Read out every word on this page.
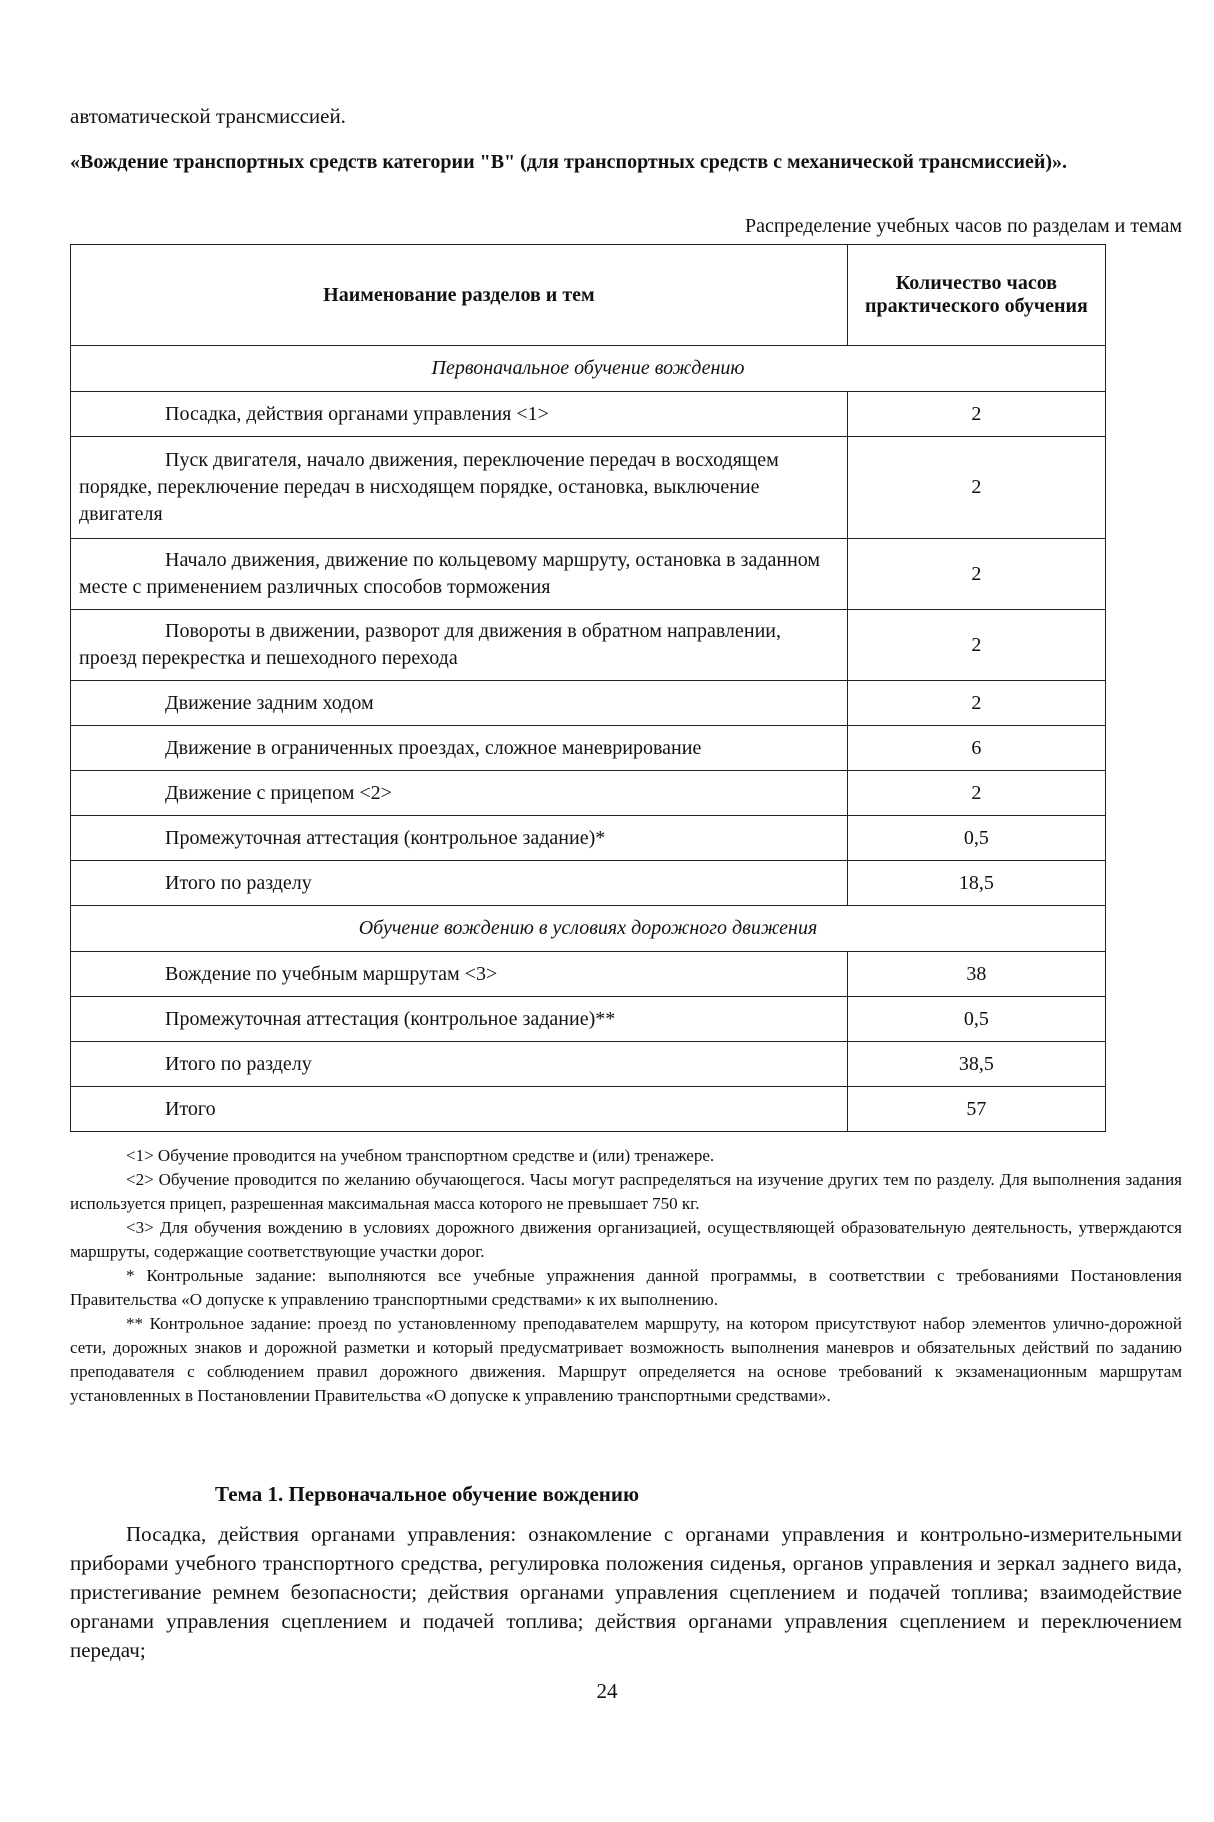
автоматической трансмиссией.
«Вождение транспортных средств категории "B" (для транспортных средств с механической трансмиссией)».
Распределение учебных часов по разделам и темам
Наименование разделов и тем	Количество часов практического обучения
Первоначальное обучение вождению	

Посадка, действия органами управления <1>	2

Пуск двигателя, начало движения, переключение передач в восходящем порядке, переключение передач в нисходящем порядке, остановка, выключение двигателя	2

Начало движения, движение по кольцевому маршруту, остановка в заданном месте с применением различных способов торможения	2

Повороты в движении, разворот для движения в обратном направлении, проезд перекрестка и пешеходного перехода	2

Движение задним ходом	2

Движение в ограниченных проездах, сложное маневрирование	6

Движение с прицепом <2>	2

Промежуточная аттестация (контрольное задание)*	0,5

Итого по разделу	18,5
Обучение вождению в условиях дорожного движения	

Вождение по учебным маршрутам <3>	38

Промежуточная аттестация (контрольное задание)**	0,5

Итого по разделу	38,5

Итого	57

<1> Обучение проводится на учебном транспортном средстве и (или) тренажере.

<2> Обучение проводится по желанию обучающегося. Часы могут распределяться на изучение других тем по разделу. Для выполнения задания используется прицеп, разрешенная максимальная масса которого не превышает 750 кг.

<3> Для обучения вождению в условиях дорожного движения организацией, осуществляющей образовательную деятельность, утверждаются маршруты, содержащие соответствующие участки дорог.

* Контрольные задание: выполняются все учебные упражнения данной программы, в соответствии с требованиями Постановления Правительства «О допуске к управлению транспортными средствами» к их выполнению.

** Контрольное задание: проезд по установленному преподавателем маршруту, на котором присутствуют набор элементов улично-дорожной сети, дорожных знаков и дорожной разметки и который предусматривает возможность выполнения маневров и обязательных действий по заданию преподавателя с соблюдением правил дорожного движения. Маршрут определяется на основе требований к экзаменационным маршрутам установленных в Постановлении Правительства «О допуске к управлению транспортными средствами».

Тема 1. Первоначальное обучение вождению
Посадка, действия органами управления: ознакомление с органами управления и контрольно-измерительными приборами учебного транспортного средства, регулировка положения сиденья, органов управления и зеркал заднего вида, пристегивание ремнем безопасности; действия органами управления сцеплением и подачей топлива; взаимодействие органами управления сцеплением и подачей топлива; действия органами управления сцеплением и переключением передач;
24
